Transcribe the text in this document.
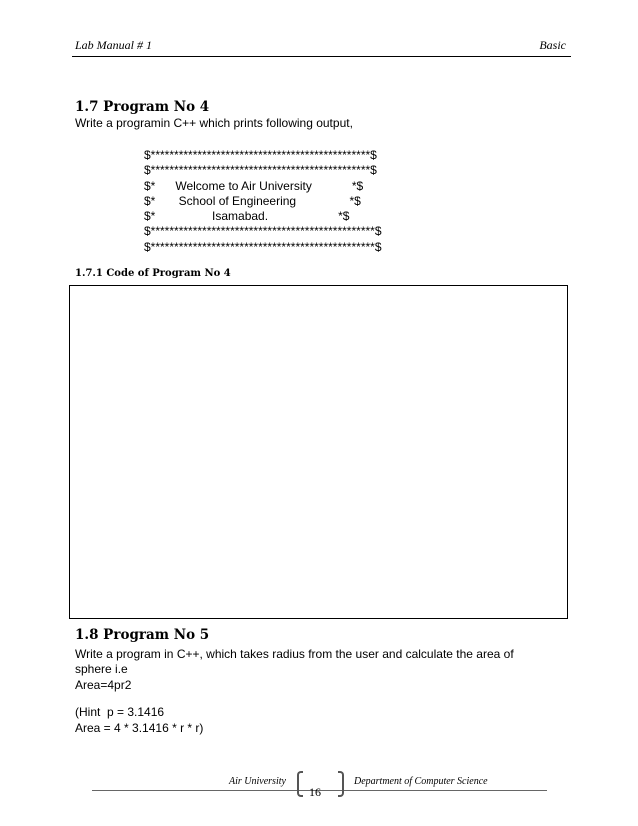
Lab Manual # 1	Basic
1.7 Program No 4
Write a programin C++ which prints following output,
$***********************************************$
$***********************************************$
$*      Welcome to Air University            *$
$*       School of Engineering                *$
$*                 Isamabad.                     *$
$************************************************$
$************************************************$
1.7.1 Code of Program No 4
1.8 Program No 5
Write a program in C++, which takes radius from the user and calculate the area of
sphere i.e
Area=4pr2
(Hint  p = 3.1416
Area = 4 * 3.1416 * r * r)
Air University
16
Department of Computer Science
